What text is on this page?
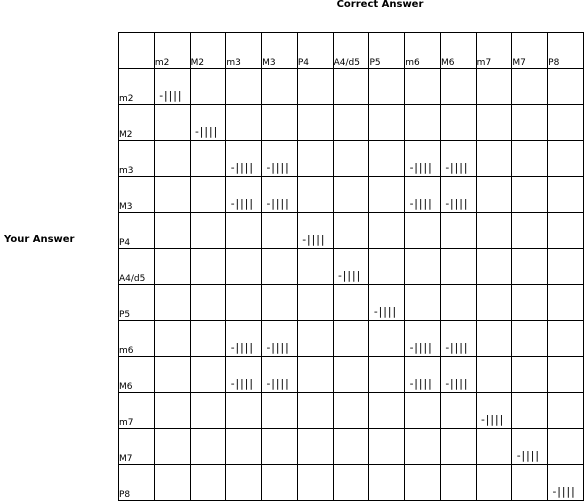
Correct Answer
Your Answer
	m2	M2	m3	M3	P4	A4/d5	P5	m6	M6	m7	M7	P8
m2	-||||											

M2		-||||										

m3			-||||	-||||				-||||	-||||			

M3			-||||	-||||				-||||	-||||			

P4					-||||							

A4/d5						-||||						

P5							-||||					

m6			-||||	-||||				-||||	-||||			

M6			-||||	-||||				-||||	-||||			

m7										-||||		

M7											-||||	

P8												-||||
